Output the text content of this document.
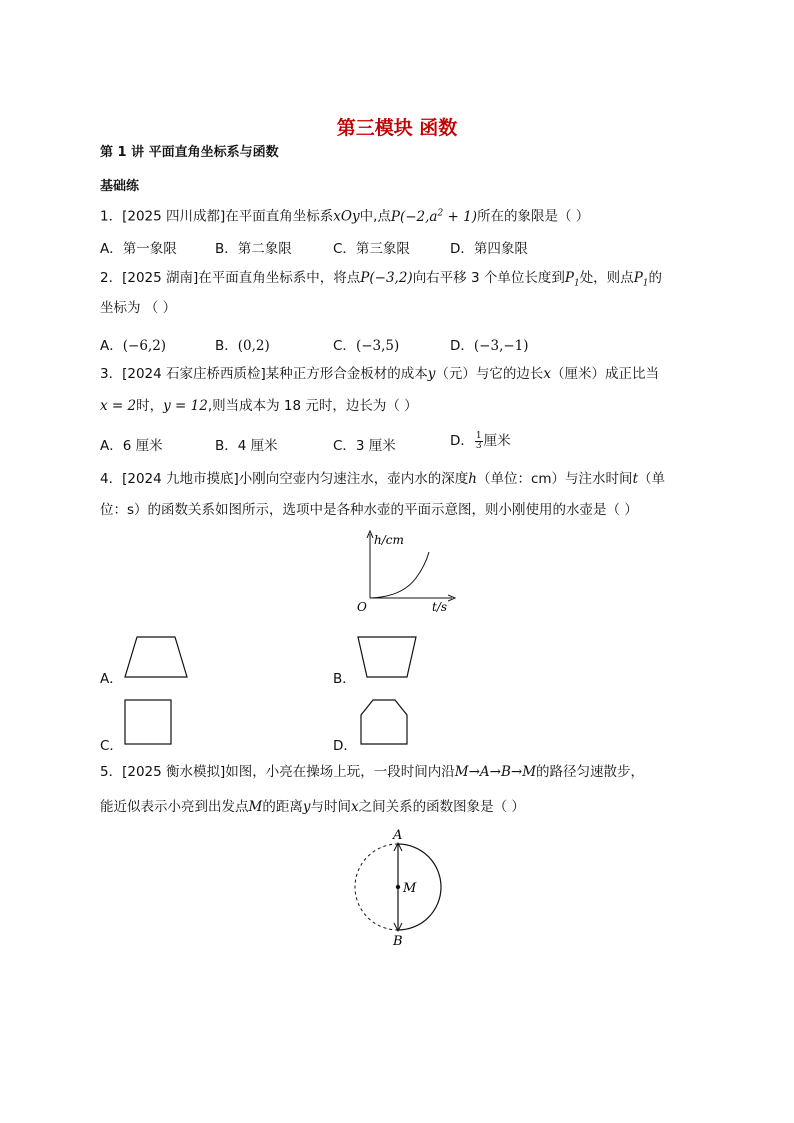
第三模块 函数
第 1 讲 平面直角坐标系与函数
基础练
1．[2025 四川成都]在平面直角坐标系xOy中,点$P(-2,a^2 + 1)$所在的象限是（ ）
A．第一象限	B．第二象限	C．第三象限	D．第四象限
2．[2025 湖南]在平面直角坐标系中，将点P(−3,2)向右平移 3 个单位长度到$P_1$处，则点$P_1$的
坐标为 （ ）
A．(−6,2)	B．(0,2)	C．(−3,5)	D．(−3,−1)
3．[2024 石家庄桥西质检]某种正方形合金板材的成本y（元）与它的边长x（厘米）成正比当
x = 2时，y = 12,则当成本为 18 元时，边长为（ ）
A．6 厘米	B．4 厘米	C．3 厘米	D． $\frac{1}{3}$ 厘米
4．[2024 九地市摸底]小刚向空壶内匀速注水，壶内水的深度h（单位：cm）与注水时间t（单
位：s）的函数关系如图所示，选项中是各种水壶的平面示意图，则小刚使用的水壶是（ ）
h/cm
t/s
O
A．	B．
C．	D．
5．[2025 衡水模拟]如图，小亮在操场上玩，一段时间内沿M→A→B→M的路径匀速散步，
能近似表示小亮到出发点M的距离y与时间x之间关系的函数图象是（ ）
A
B
M
